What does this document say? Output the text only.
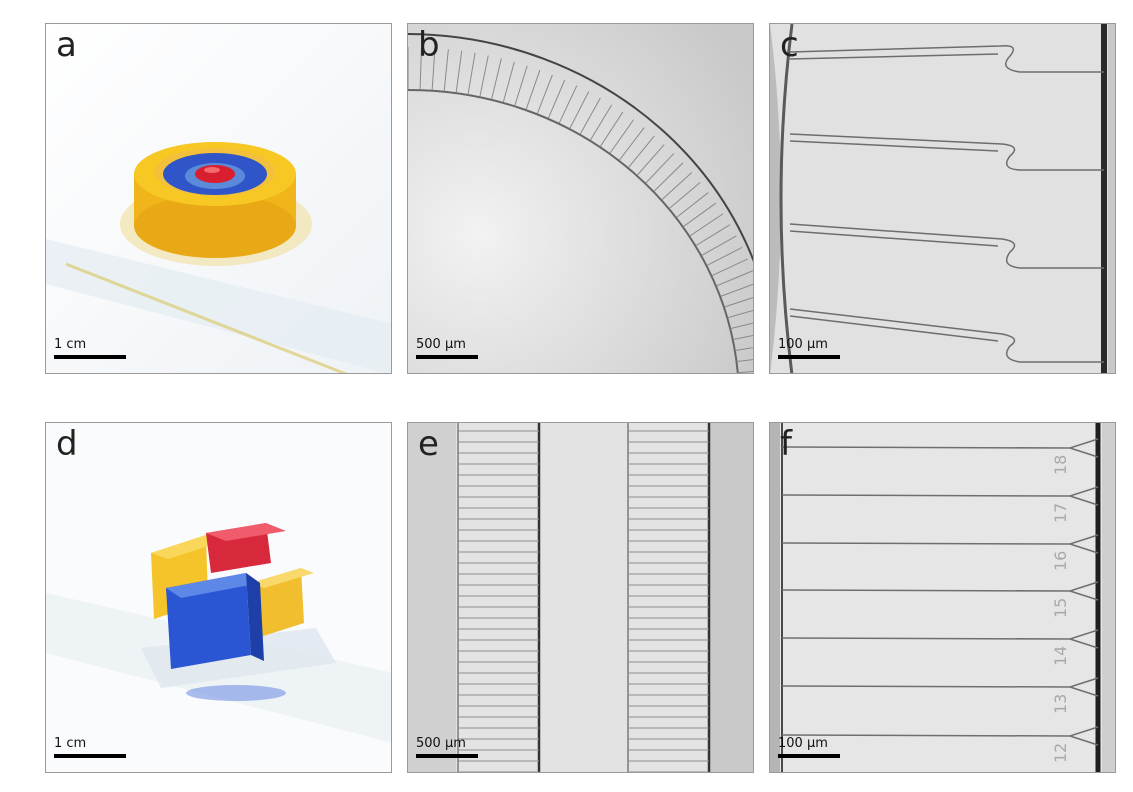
a
1 cm
b
500 µm
c
100 µm
d
1 cm
e
500 µm
18
17
16
15
14
13
12
f
100 µm
